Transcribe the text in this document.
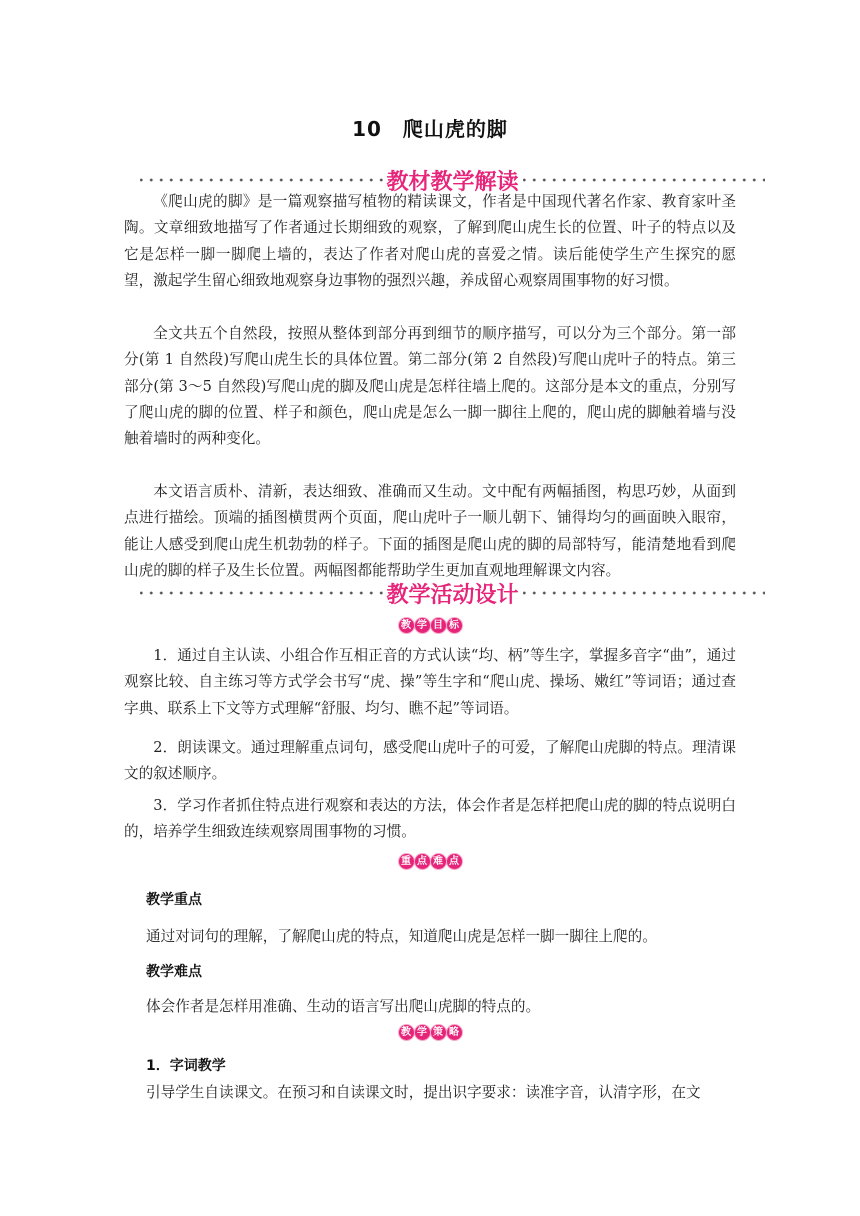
10　爬山虎的脚
教材教学解读

《爬山虎的脚》是一篇观察描写植物的精读课文，作者是中国现代著名作家、教育家叶圣陶。文章细致地描写了作者通过长期细致的观察，了解到爬山虎生长的位置、叶子的特点以及它是怎样一脚一脚爬上墙的，表达了作者对爬山虎的喜爱之情。读后能使学生产生探究的愿望，激起学生留心细致地观察身边事物的强烈兴趣，养成留心观察周围事物的好习惯。

全文共五个自然段，按照从整体到部分再到细节的顺序描写，可以分为三个部分。第一部分(第 1 自然段)写爬山虎生长的具体位置。第二部分(第 2 自然段)写爬山虎叶子的特点。第三部分(第 3～5 自然段)写爬山虎的脚及爬山虎是怎样往墙上爬的。这部分是本文的重点，分别写了爬山虎的脚的位置、样子和颜色，爬山虎是怎么一脚一脚往上爬的，爬山虎的脚触着墙与没触着墙时的两种变化。

本文语言质朴、清新，表达细致、准确而又生动。文中配有两幅插图，构思巧妙，从面到点进行描绘。顶端的插图横贯两个页面，爬山虎叶子一顺儿朝下、铺得均匀的画面映入眼帘，能让人感受到爬山虎生机勃勃的样子。下面的插图是爬山虎的脚的局部特写，能清楚地看到爬山虎的脚的样子及生长位置。两幅图都能帮助学生更加直观地理解课文内容。

教学活动设计
教 学 目 标

1．通过自主认读、小组合作互相正音的方式认读“均、柄”等生字，掌握多音字“曲”，通过观察比较、自主练习等方式学会书写“虎、操”等生字和“爬山虎、操场、嫩红”等词语；通过查字典、联系上下文等方式理解“舒服、均匀、瞧不起”等词语。

2．朗读课文。通过理解重点词句，感受爬山虎叶子的可爱，了解爬山虎脚的特点。理清课文的叙述顺序。

3．学习作者抓住特点进行观察和表达的方法，体会作者是怎样把爬山虎的脚的特点说明白的，培养学生细致连续观察周围事物的习惯。

重 点 难 点
教学重点

通过对词句的理解，了解爬山虎的特点，知道爬山虎是怎样一脚一脚往上爬的。

教学难点

体会作者是怎样用准确、生动的语言写出爬山虎脚的特点的。

教 学 策 略
1．字词教学

引导学生自读课文。在预习和自读课文时，提出识字要求：读准字音，认清字形，在文
